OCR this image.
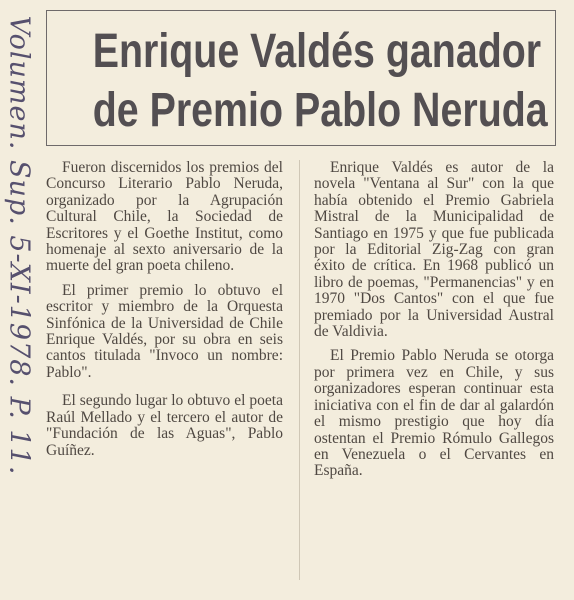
Volumen. Sup. 5-XI-1978. P. 11. Enrique Valdés ganador
de Premio Pablo Neruda

Fueron discernidos los premios del Concurso Literario Pablo Neruda, organizado por la Agrupación Cultural Chile, la Sociedad de Escritores y el Goethe Institut, como homenaje al sexto aniversario de la muerte del gran poeta chileno.

El primer premio lo obtuvo el escritor y miembro de la Orquesta Sinfónica de la Universidad de Chile Enrique Valdés, por su obra en seis cantos titulada "Invoco un nombre: Pablo".

El segundo lugar lo obtuvo el poeta Raúl Mellado y el tercero el autor de "Fundación de las Aguas", Pablo Guíñez.

Enrique Valdés es autor de la novela "Ventana al Sur" con la que había obtenido el Premio Gabriela Mistral de la Municipalidad de Santiago en 1975 y que fue publicada por la Editorial Zig-Zag con gran éxito de crítica. En 1968 publicó un libro de poemas, "Permanencias" y en 1970 "Dos Cantos" con el que fue premiado por la Universidad Austral de Valdivia.

El Premio Pablo Neruda se otorga por primera vez en Chile, y sus organizadores esperan continuar esta iniciativa con el fin de dar al galardón el mismo prestigio que hoy día ostentan el Premio Rómulo Gallegos en Venezuela o el Cervantes en España.
